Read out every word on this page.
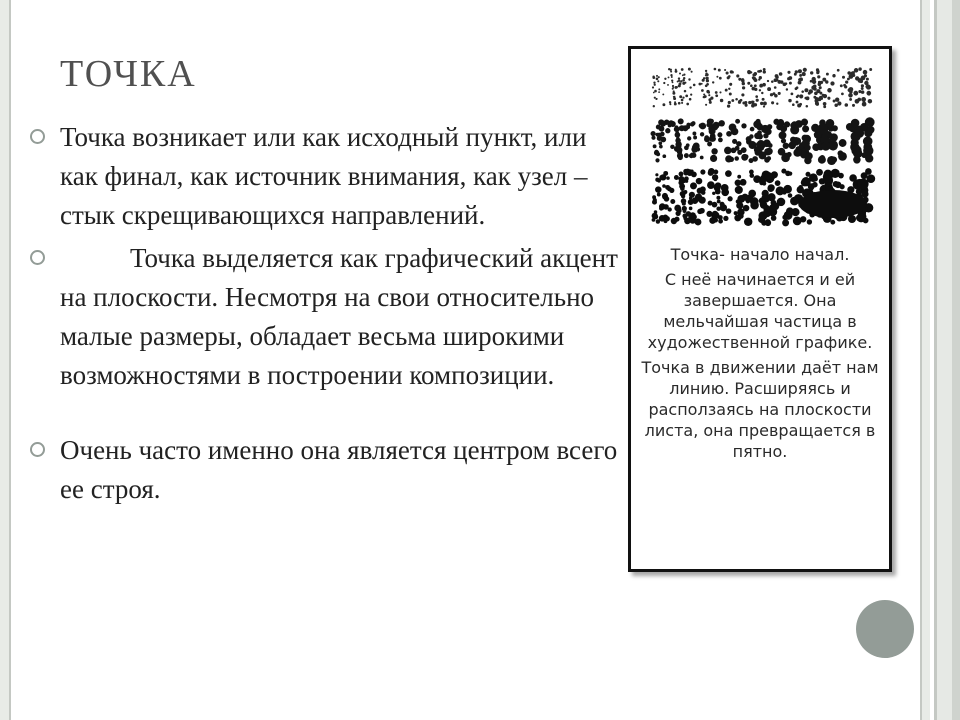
ТОЧКА
Точка возникает или как исходный пункт, или как финал, как источник внимания, как узел – стык скрещивающихся направлений.
Точка выделяется как графический акцент на плоскости. Несмотря на свои относительно малые размеры, обладает весьма широкими возможностями в построении композиции.
Очень часто именно она является центром всего ее строя.

Точка- начало начал.

С неё начинается и ей завершается. Она мельчайшая частица в художественной графике.

Точка в движении даёт нам линию. Расширяясь и расползаясь на плоскости листа, она превращается в пятно.
